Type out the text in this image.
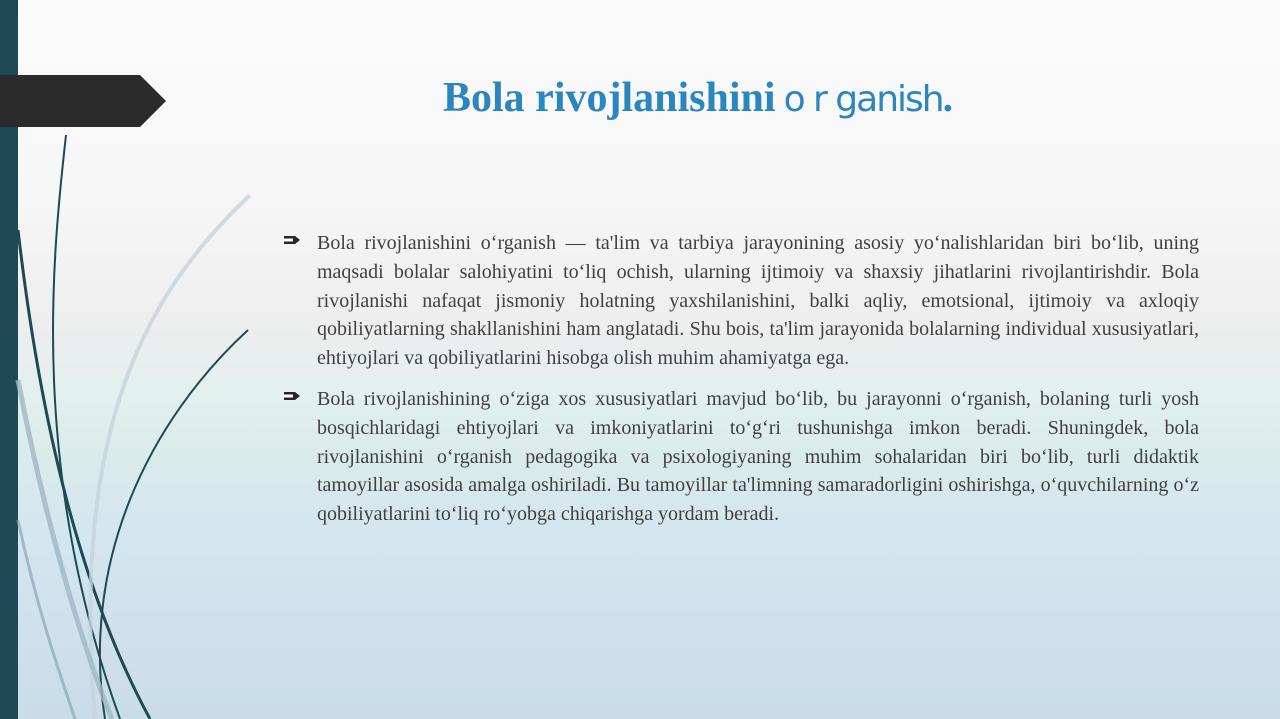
Bola rivojlanishini o r ganish.

Bola rivojlanishini o‘rganish — ta'lim va tarbiya jarayonining asosiy yo‘nalishlaridan biri bo‘lib, uning maqsadi bolalar salohiyatini to‘liq ochish, ularning ijtimoiy va shaxsiy jihatlarini rivojlantirishdir. Bola rivojlanishi nafaqat jismoniy holatning yaxshilanishini, balki aqliy, emotsional, ijtimoiy va axloqiy qobiliyatlarning shakllanishini ham anglatadi. Shu bois, ta'lim jarayonida bolalarning individual xususiyatlari, ehtiyojlari va qobiliyatlarini hisobga olish muhim ahamiyatga ega.

Bola rivojlanishining o‘ziga xos xususiyatlari mavjud bo‘lib, bu jarayonni o‘rganish, bolaning turli yosh bosqichlaridagi ehtiyojlari va imkoniyatlarini to‘g‘ri tushunishga imkon beradi. Shuningdek, bola rivojlanishini o‘rganish pedagogika va psixologiyaning muhim sohalaridan biri bo‘lib, turli didaktik tamoyillar asosida amalga oshiriladi. Bu tamoyillar ta'limning samaradorligini oshirishga, o‘quvchilarning o‘z qobiliyatlarini to‘liq ro‘yobga chiqarishga yordam beradi.
